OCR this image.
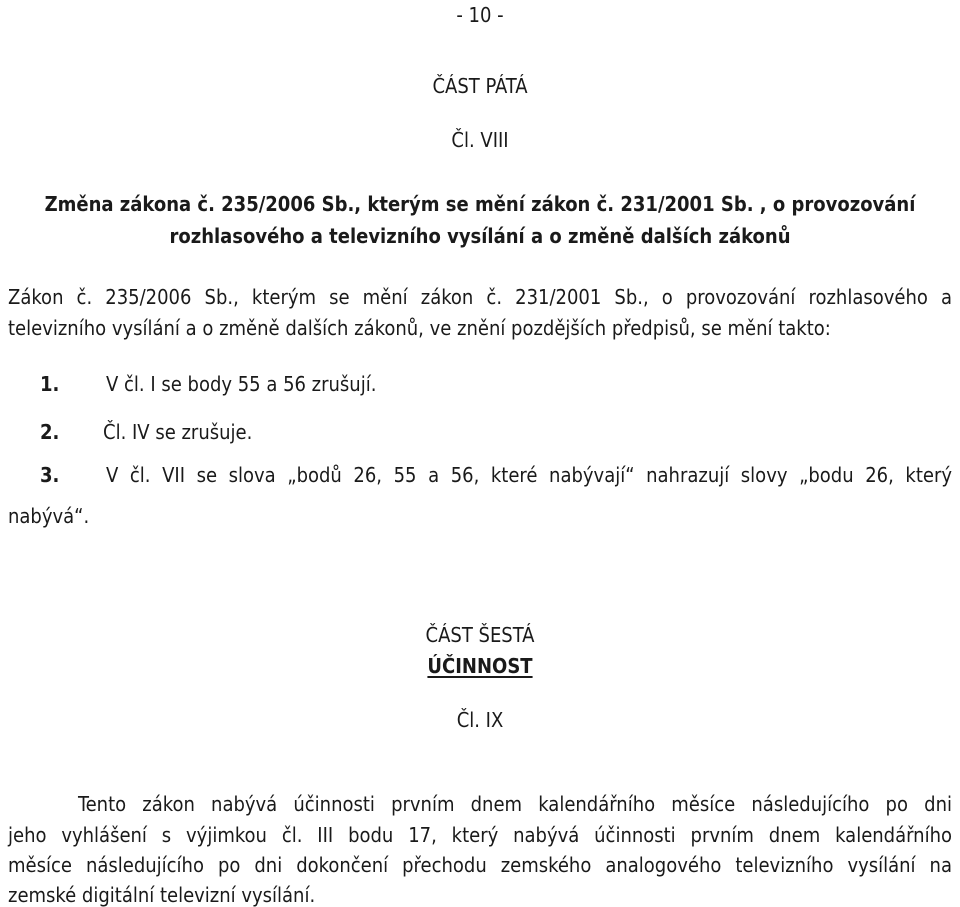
- 10 -
ČÁST PÁTÁ
Čl. VIII
Změna zákona č. 235/2006 Sb., kterým se mění zákon č. 231/2001 Sb. , o provozování
rozhlasového a televizního vysílání a o změně dalších zákonů
Zákon č. 235/2006 Sb., kterým se mění zákon č. 231/2001 Sb., o provozování rozhlasového a
televizního vysílání a o změně dalších zákonů, ve znění pozdějších předpisů, se mění takto:
1. V čl. I se body 55 a 56 zrušují.
2. Čl. IV se zrušuje.
3. V čl. VII se slova „bodů 26, 55 a 56, které nabývají“ nahrazují slovy „bodu 26, který
nabývá“.
ČÁST ŠESTÁ
ÚČINNOST
Čl. IX
Tento zákon nabývá účinnosti prvním dnem kalendářního měsíce následujícího po dni
jeho vyhlášení s výjimkou čl. III bodu 17, který nabývá účinnosti prvním dnem kalendářního
měsíce následujícího po dni dokončení přechodu zemského analogového televizního vysílání na
zemské digitální televizní vysílání.
